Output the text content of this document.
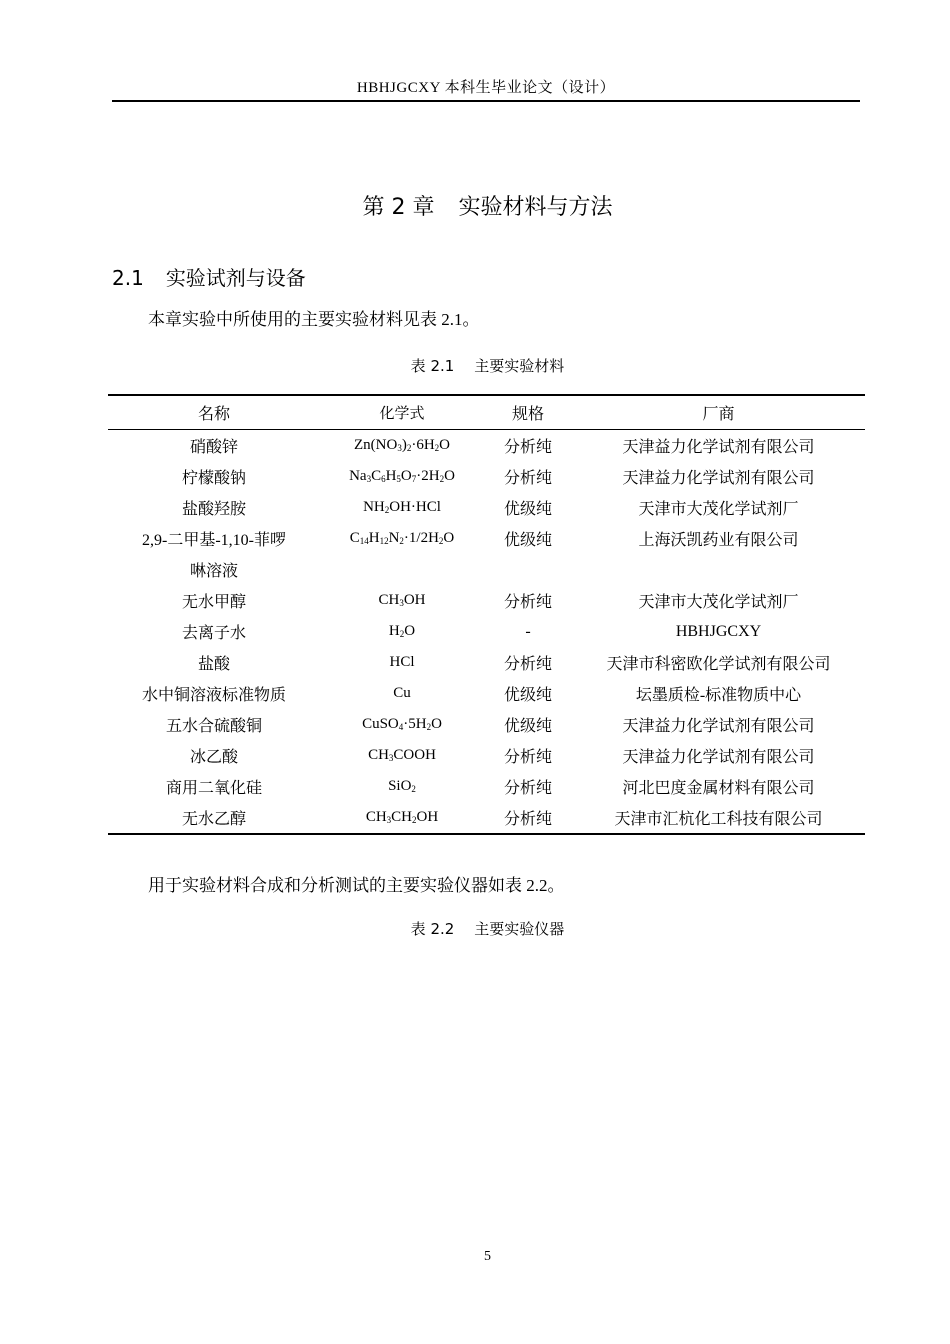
HBHJGCXY 本科生毕业论文（设计）
第 2 章 实验材料与方法
2.1 实验试剂与设备
本章实验中所使用的主要实验材料见表 2.1。
表 2.1 主要实验材料
名称	化学式	规格	厂商
硝酸锌	$Zn(NO_3)_2\cdot 6H_2O$	分析纯	天津益力化学试剂有限公司
柠檬酸钠	$Na_3C_6H_5O_7\cdot 2H_2O$	分析纯	天津益力化学试剂有限公司
盐酸羟胺	$NH_2OH\cdot HCl$	优级纯	天津市大茂化学试剂厂
2,9-二甲基-1,10-菲啰	$C_{14}H_{12}N_2\cdot 1/2H_2O$	优级纯	上海沃凯药业有限公司
啉溶液			
无水甲醇	$CH_3OH$	分析纯	天津市大茂化学试剂厂
去离子水	$H_2O$	-	HBHJGCXY
盐酸	HCl	分析纯	天津市科密欧化学试剂有限公司
水中铜溶液标准物质	Cu	优级纯	坛墨质检-标准物质中心
五水合硫酸铜	$CuSO_4\cdot 5H_2O$	优级纯	天津益力化学试剂有限公司
冰乙酸	$CH_3COOH$	分析纯	天津益力化学试剂有限公司
商用二氧化硅	SiO$_2$	分析纯	河北巴度金属材料有限公司
无水乙醇	$CH_3CH_2OH$	分析纯	天津市汇杭化工科技有限公司
用于实验材料合成和分析测试的主要实验仪器如表 2.2。
表 2.2 主要实验仪器
5
